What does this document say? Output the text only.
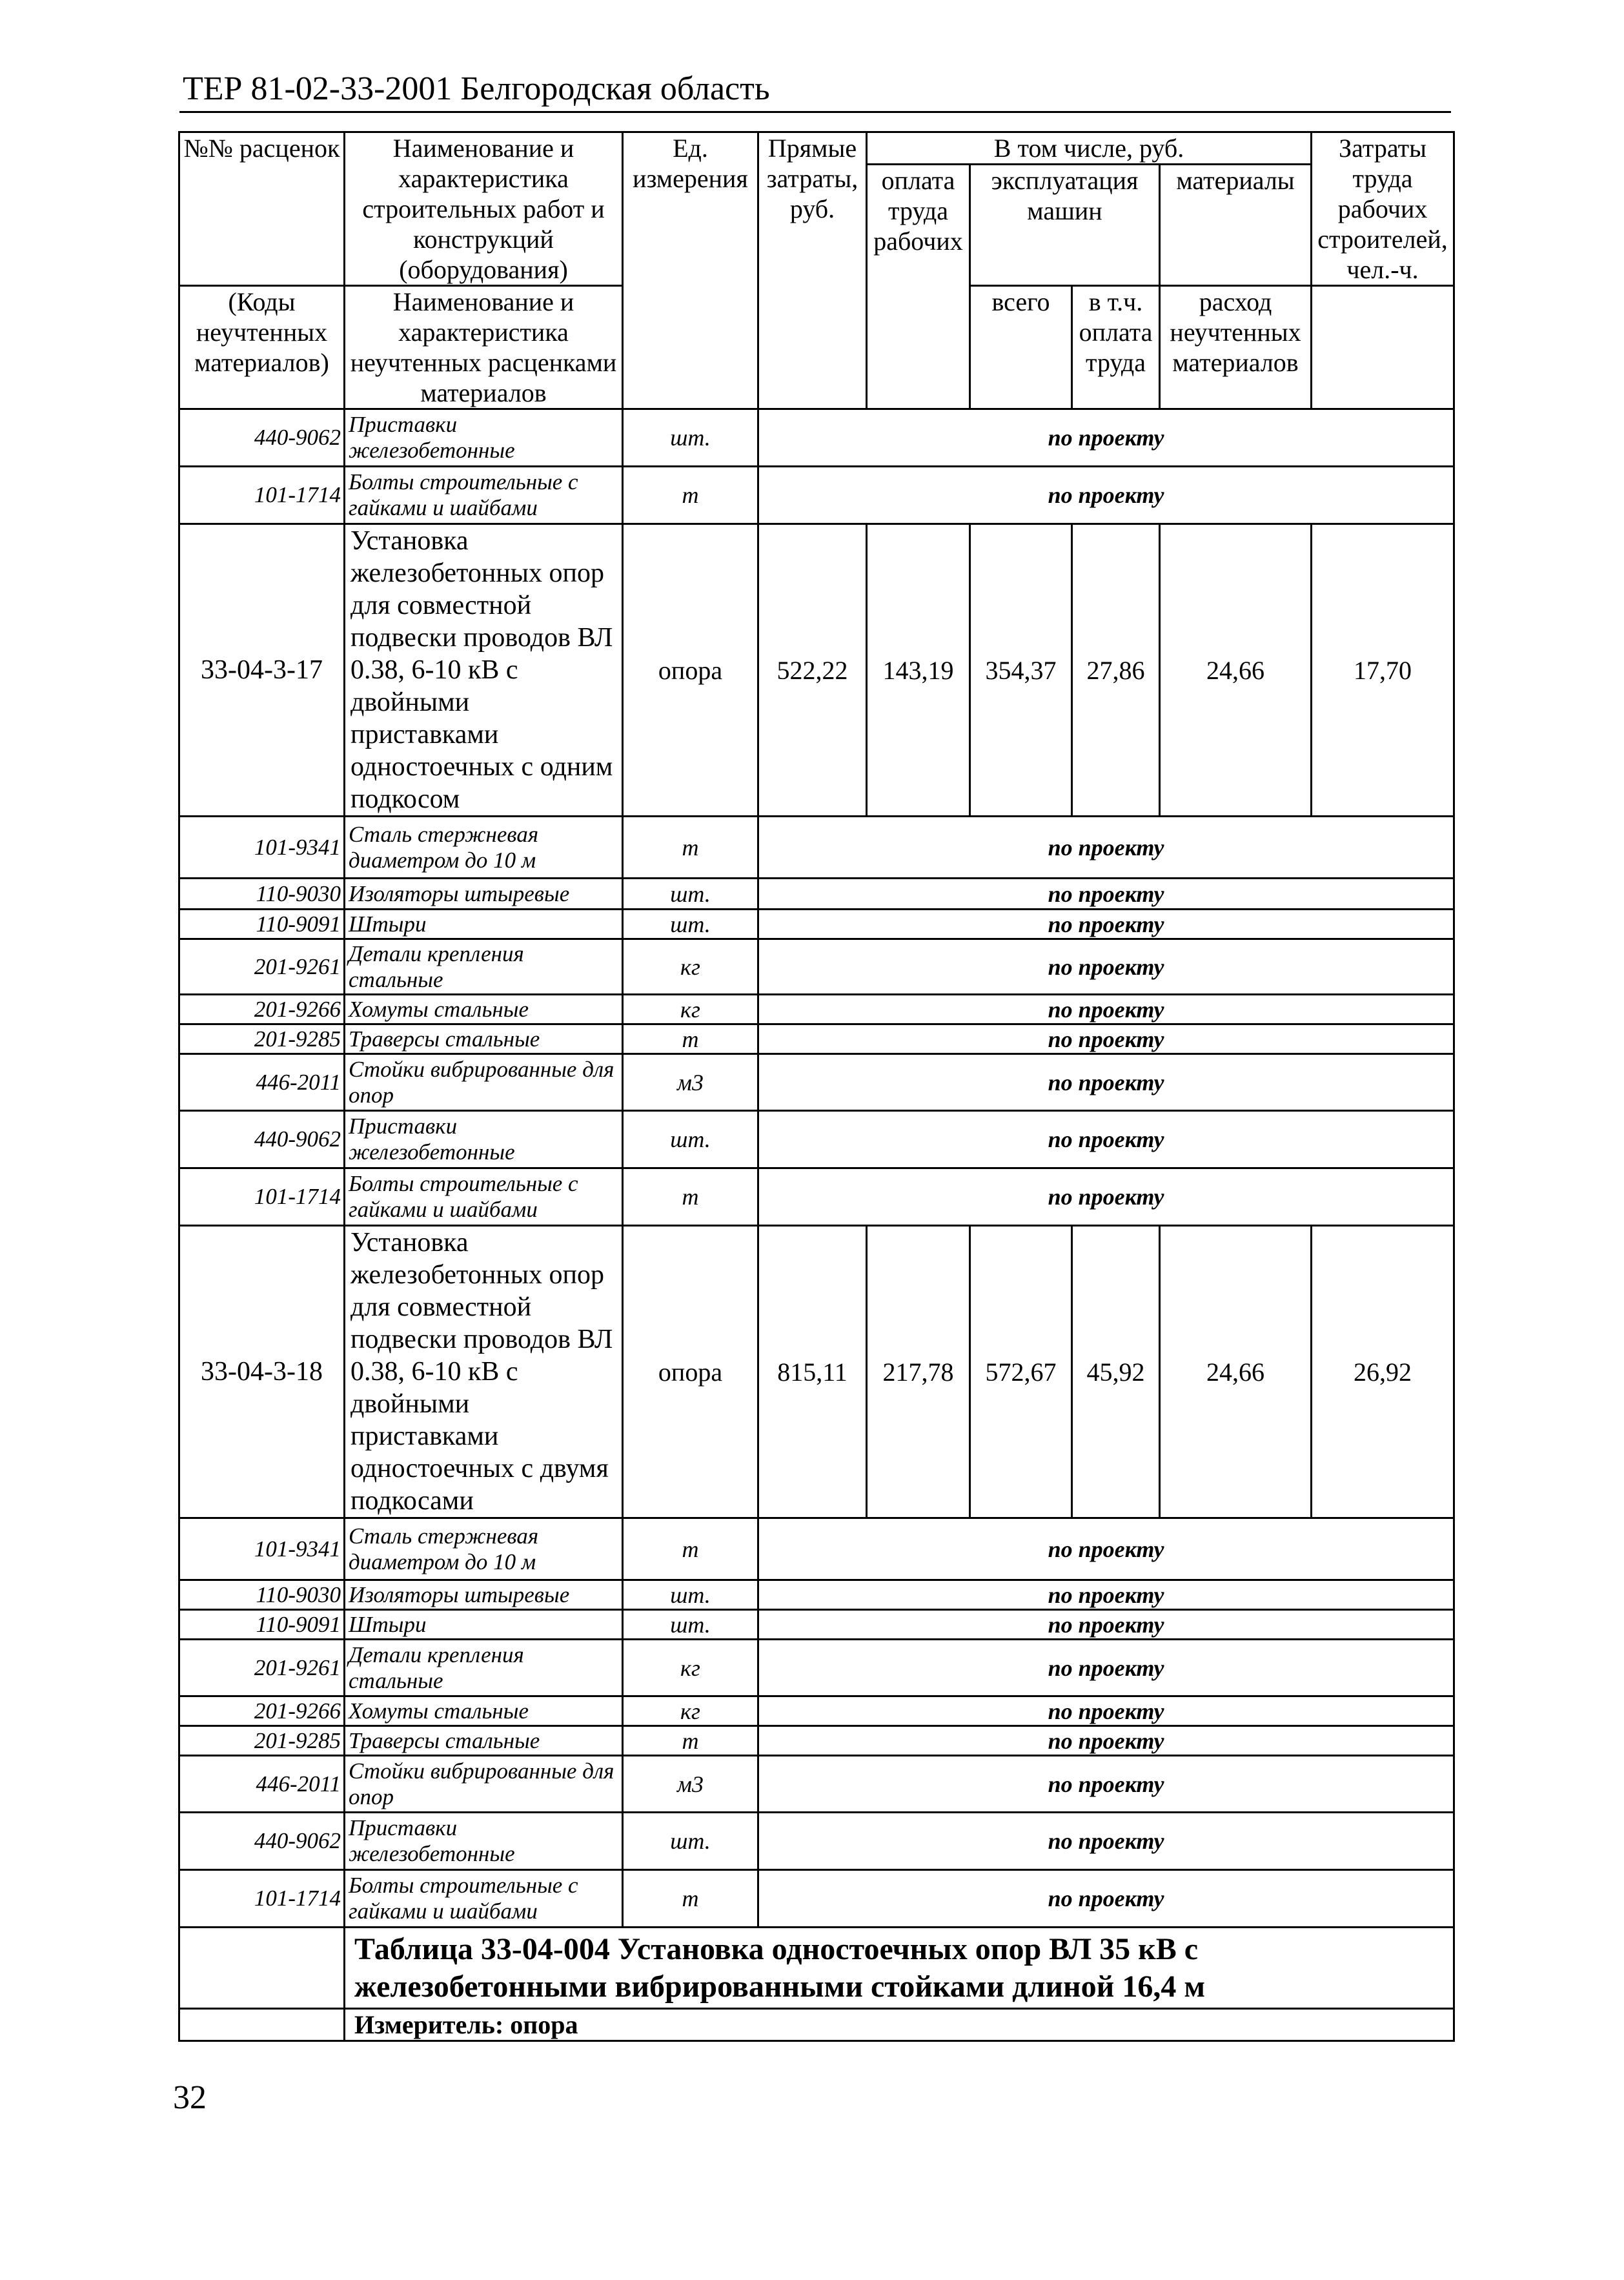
ТЕР 81-02-33-2001 Белгородская область
№№ расценок	Наименование и характеристика строительных работ и конструкций (оборудования)	Ед. измерения	Прямые затраты, руб.	В том числе, руб.				Затраты труда рабочих строителей, чел.-ч.
				оплата труда рабочих	эксплуатация машин		материалы	

(Коды неучтенных материалов)	Наименование и характеристика неучтенных расценками материалов				всего	в т.ч. оплата труда	расход неучтенных материалов	

440-9062	Приставки железобетонные	шт.	по проекту					
101-1714	Болты строительные с гайками и шайбами	т	по проекту					
33-04-3-17	Установка железобетонных опор для совместной подвески проводов ВЛ 0.38, 6-10 кВ с двойными приставками одностоечных с одним подкосом	опора	522,22	143,19	354,37	27,86	24,66	17,70
101-9341	Сталь стержневая диаметром до 10 м	т	по проекту					
110-9030	Изоляторы штыревые	шт.	по проекту					
110-9091	Штыри	шт.	по проекту					
201-9261	Детали крепления стальные	кг	по проекту					
201-9266	Хомуты стальные	кг	по проекту					
201-9285	Траверсы стальные	т	по проекту					
446-2011	Стойки вибрированные для опор	м3	по проекту					
440-9062	Приставки железобетонные	шт.	по проекту					
101-1714	Болты строительные с гайками и шайбами	т	по проекту					
33-04-3-18	Установка железобетонных опор для совместной подвески проводов ВЛ 0.38, 6-10 кВ с двойными приставками одностоечных с двумя подкосами	опора	815,11	217,78	572,67	45,92	24,66	26,92
101-9341	Сталь стержневая диаметром до 10 м	т	по проекту					
110-9030	Изоляторы штыревые	шт.	по проекту					
110-9091	Штыри	шт.	по проекту					
201-9261	Детали крепления стальные	кг	по проекту					
201-9266	Хомуты стальные	кг	по проекту					
201-9285	Траверсы стальные	т	по проекту					
446-2011	Стойки вибрированные для опор	м3	по проекту					
440-9062	Приставки железобетонные	шт.	по проекту					
101-1714	Болты строительные с гайками и шайбами	т	по проекту					
	Таблица 33-04-004 Установка одностоечных опор ВЛ 35 кВ с железобетонными вибрированными стойками длиной 16,4 м							
	Измеритель: опора							
32
